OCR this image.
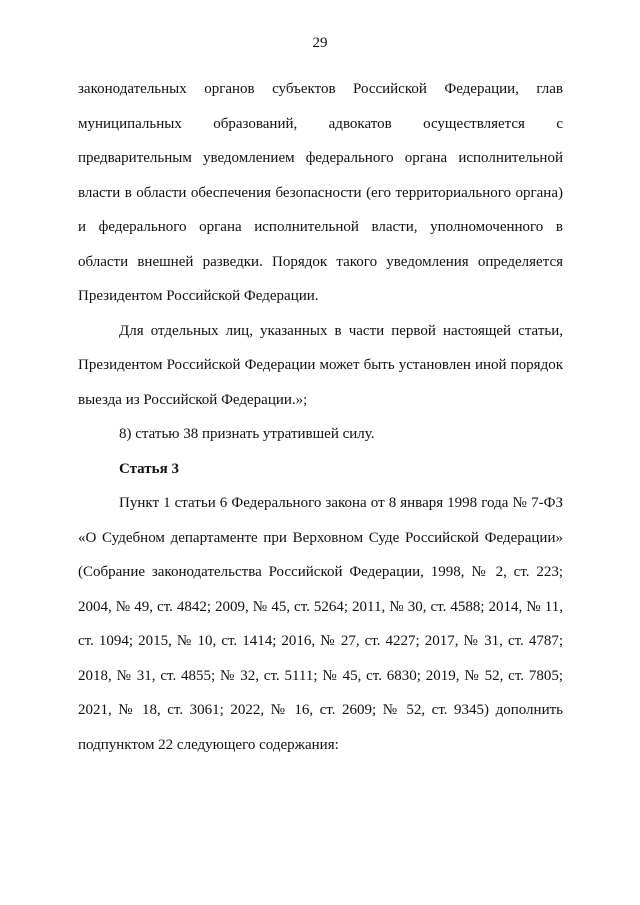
29

законодательных органов субъектов Российской Федерации, глав муниципальных образований, адвокатов осуществляется с предварительным уведомлением федерального органа исполнительной власти в области обеспечения безопасности (его территориального органа) и федерального органа исполнительной власти, уполномоченного в области внешней разведки. Порядок такого уведомления определяется Президентом Российской Федерации.

Для отдельных лиц, указанных в части первой настоящей статьи, Президентом Российской Федерации может быть установлен иной порядок выезда из Российской Федерации.»;

8) статью 38 признать утратившей силу.

Статья 3

Пункт 1 статьи 6 Федерального закона от 8 января 1998 года № 7-ФЗ «О Судебном департаменте при Верховном Суде Российской Федерации» (Собрание законодательства Российской Федерации, 1998, № 2, ст. 223; 2004, № 49, ст. 4842; 2009, № 45, ст. 5264; 2011, № 30, ст. 4588; 2014, № 11, ст. 1094; 2015, № 10, ст. 1414; 2016, № 27, ст. 4227; 2017, № 31, ст. 4787; 2018, № 31, ст. 4855; № 32, ст. 5111; № 45, ст. 6830; 2019, № 52, ст. 7805; 2021, № 18, ст. 3061; 2022, № 16, ст. 2609; № 52, ст. 9345) дополнить подпунктом 22 следующего содержания:
